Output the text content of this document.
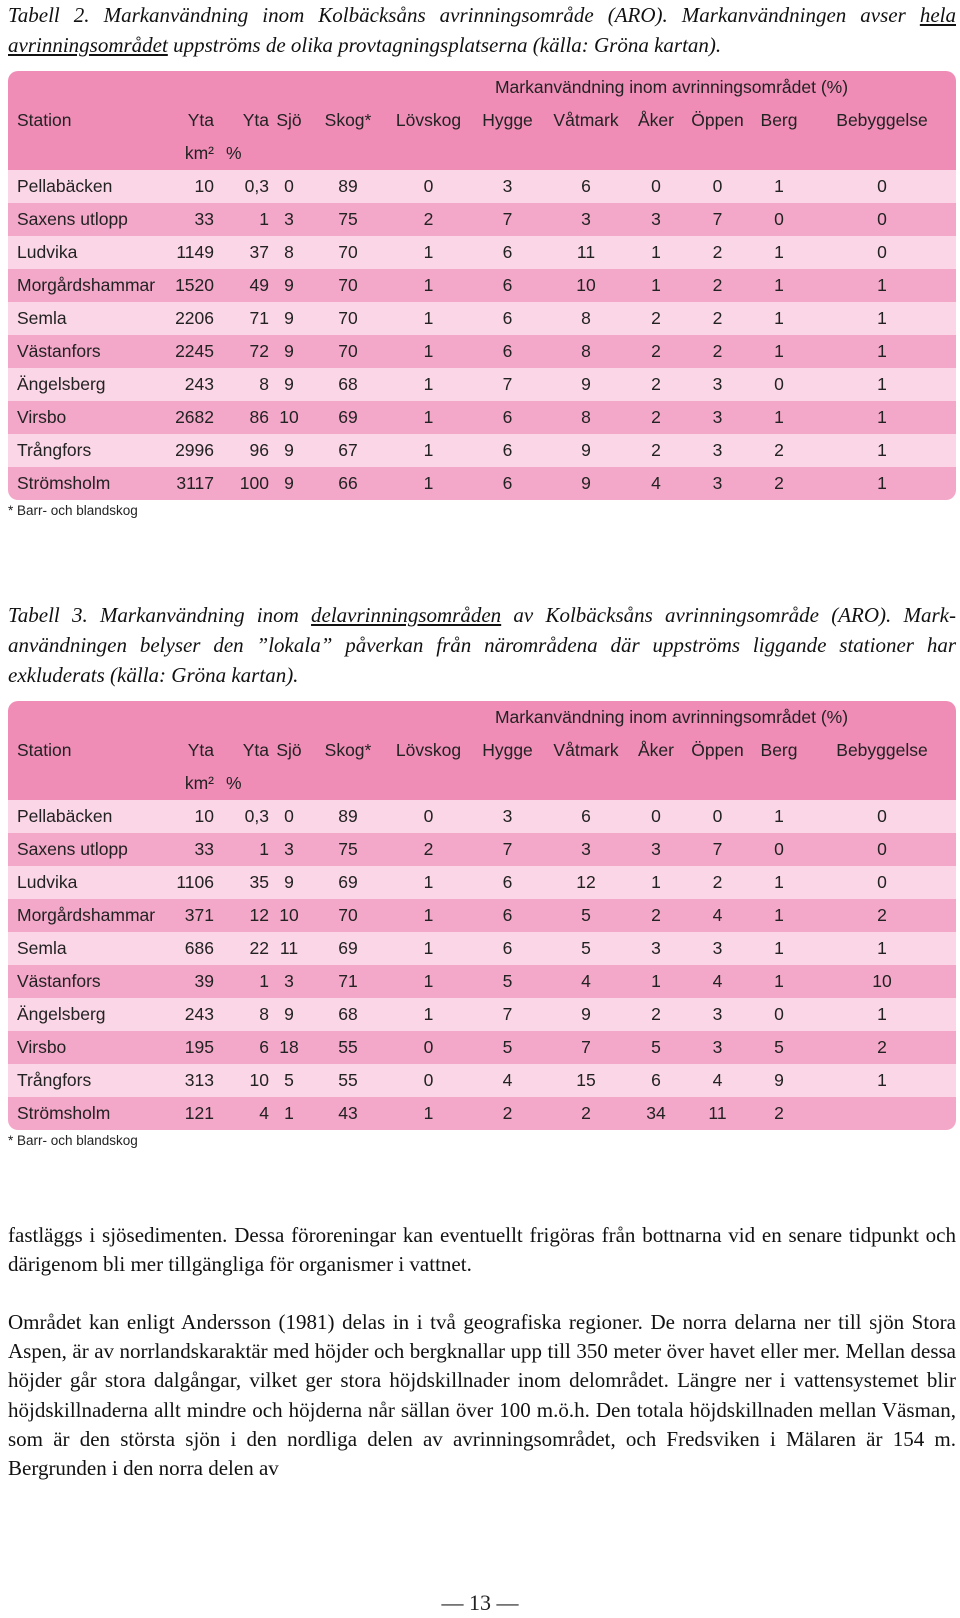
Tabell 2. Markanvändning inom Kolbäcksåns avrinningsområde (ARO). Markanvändningen avser hela avrinningsområdet uppströms de olika provtagningsplatserna (källa: Gröna kartan).
					Markanvändning inom avrinningsområdet (%)						
Station	Yta	Yta	Sjö	Skog*	Lövskog	Hygge	Våtmark	Åker	Öppen	Berg	Bebyggelse
	km²	%									
Pellabäcken	10	0,3	0	89	0	3	6	0	0	1	0
Saxens utlopp	33	1	3	75	2	7	3	3	7	0	0
Ludvika	1149	37	8	70	1	6	11	1	2	1	0
Morgårdshammar	1520	49	9	70	1	6	10	1	2	1	1
Semla	2206	71	9	70	1	6	8	2	2	1	1
Västanfors	2245	72	9	70	1	6	8	2	2	1	1
Ängelsberg	243	8	9	68	1	7	9	2	3	0	1
Virsbo	2682	86	10	69	1	6	8	2	3	1	1
Trångfors	2996	96	9	67	1	6	9	2	3	2	1
Strömsholm	3117	100	9	66	1	6	9	4	3	2	1
* Barr- och blandskog
Tabell 3. Markanvändning inom delavrinningsområden av Kolbäcksåns avrinningsområde (ARO). Mark-användningen belyser den ”lokala” påverkan från närområdena där uppströms liggande stationer har exkluderats (källa: Gröna kartan).
					Markanvändning inom avrinningsområdet (%)						
Station	Yta	Yta	Sjö	Skog*	Lövskog	Hygge	Våtmark	Åker	Öppen	Berg	Bebyggelse
	km²	%									
Pellabäcken	10	0,3	0	89	0	3	6	0	0	1	0
Saxens utlopp	33	1	3	75	2	7	3	3	7	0	0
Ludvika	1106	35	9	69	1	6	12	1	2	1	0
Morgårdshammar	371	12	10	70	1	6	5	2	4	1	2
Semla	686	22	11	69	1	6	5	3	3	1	1
Västanfors	39	1	3	71	1	5	4	1	4	1	10
Ängelsberg	243	8	9	68	1	7	9	2	3	0	1
Virsbo	195	6	18	55	0	5	7	5	3	5	2
Trångfors	313	10	5	55	0	4	15	6	4	9	1
Strömsholm	121	4	1	43	1	2	2	34	11	2	
* Barr- och blandskog

fastläggs i sjösedimenten. Dessa föroreningar kan eventuellt frigöras från bottnarna vid en senare tidpunkt och därigenom bli mer tillgängliga för organismer i vattnet.

Området kan enligt Andersson (1981) delas in i två geografiska regioner. De norra delarna ner till sjön Stora Aspen, är av norrlandskaraktär med höjder och bergknallar upp till 350 meter över havet eller mer. Mellan dessa höjder går stora dalgångar, vilket ger stora höjdskillnader inom delområdet. Längre ner i vattensystemet blir höjdskillnaderna allt mindre och höjderna når sällan över 100 m.ö.h. Den totala höjdskillnaden mellan Väsman, som är den största sjön i den nordliga delen av avrinningsområdet, och Fredsviken i Mälaren är 154 m. Bergrunden i den norra delen av

— 13 —
